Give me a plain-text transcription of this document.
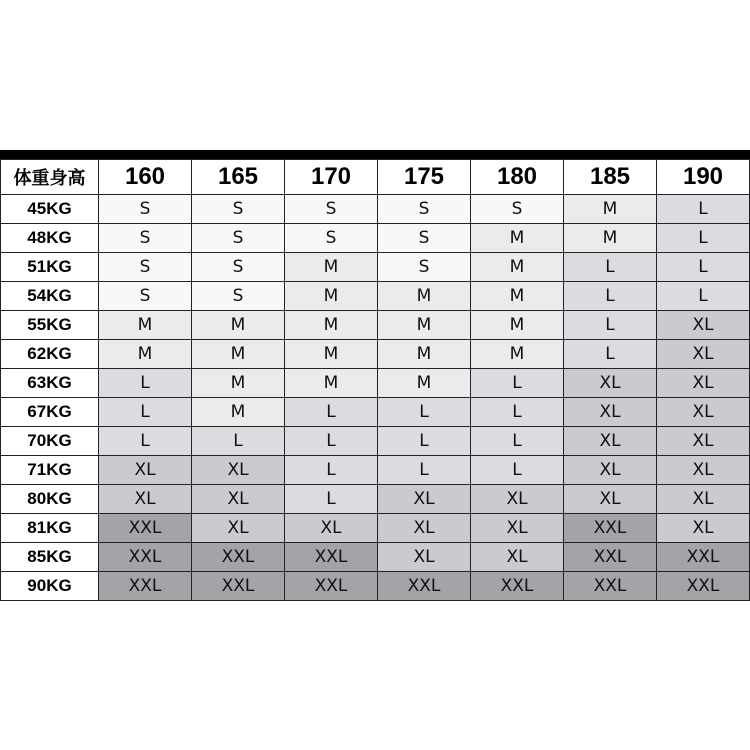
体重身高	160	165	170	175	180	185	190
45KG	S	S	S	S	S	M	L
48KG	S	S	S	S	M	M	L
51KG	S	S	M	S	M	L	L
54KG	S	S	M	M	M	L	L
55KG	M	M	M	M	M	L	XL
62KG	M	M	M	M	M	L	XL
63KG	L	M	M	M	L	XL	XL
67KG	L	M	L	L	L	XL	XL
70KG	L	L	L	L	L	XL	XL
71KG	XL	XL	L	L	L	XL	XL
80KG	XL	XL	L	XL	XL	XL	XL
81KG	XXL	XL	XL	XL	XL	XXL	XL
85KG	XXL	XXL	XXL	XL	XL	XXL	XXL
90KG	XXL	XXL	XXL	XXL	XXL	XXL	XXL
